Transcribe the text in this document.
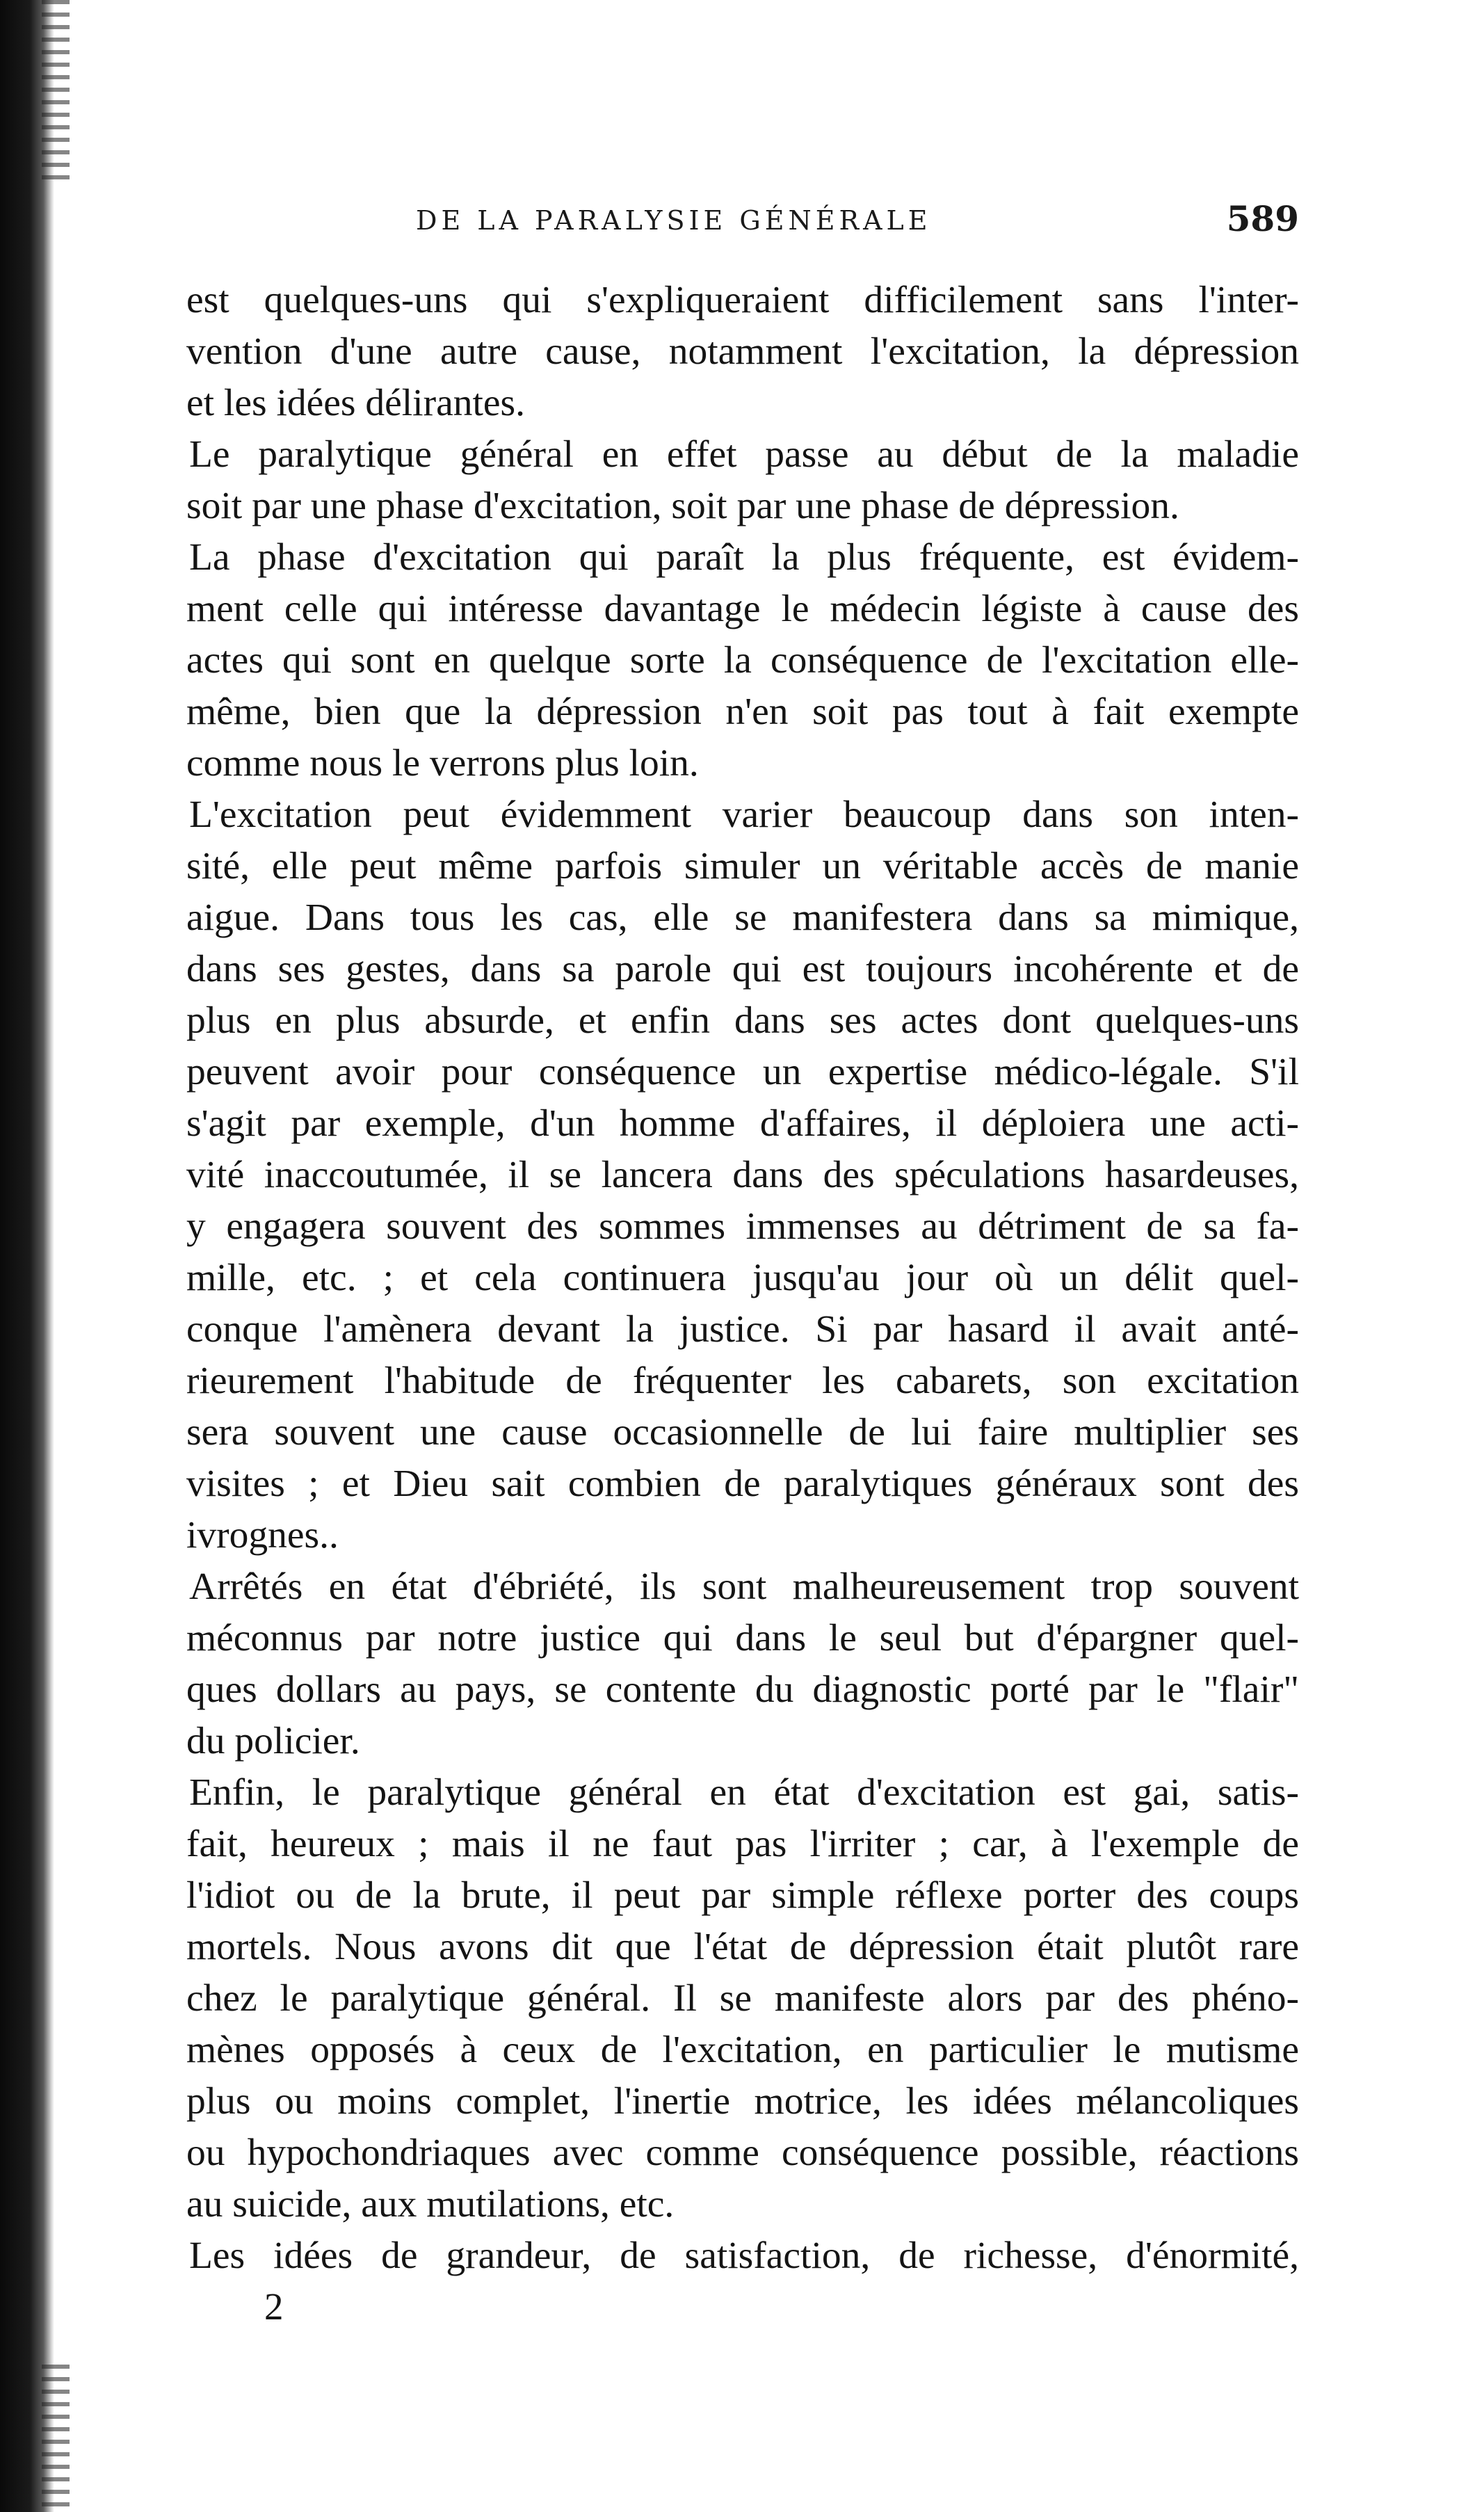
DE LA PARALYSIE GÉNÉRALE	589

est quelques-uns qui s'expliqueraient difficilement sans l'inter-
vention d'une autre cause, notamment l'excitation, la dépression
et les idées délirantes.

Le paralytique général en effet passe au début de la maladie
soit par une phase d'excitation, soit par une phase de dépression.

La phase d'excitation qui paraît la plus fréquente, est évidem-
ment celle qui intéresse davantage le médecin légiste à cause des
actes qui sont en quelque sorte la conséquence de l'excitation elle-
même, bien que la dépression n'en soit pas tout à fait exempte
comme nous le verrons plus loin.

L'excitation peut évidemment varier beaucoup dans son inten-
sité, elle peut même parfois simuler un véritable accès de manie
aigue. Dans tous les cas, elle se manifestera dans sa mimique,
dans ses gestes, dans sa parole qui est toujours incohérente et de
plus en plus absurde, et enfin dans ses actes dont quelques-uns
peuvent avoir pour conséquence un expertise médico-légale. S'il
s'agit par exemple, d'un homme d'affaires, il déploiera une acti-
vité inaccoutumée, il se lancera dans des spéculations hasardeuses,
y engagera souvent des sommes immenses au détriment de sa fa-
mille, etc. ; et cela continuera jusqu'au jour où un délit quel-
conque l'amènera devant la justice. Si par hasard il avait anté-
rieurement l'habitude de fréquenter les cabarets, son excitation
sera souvent une cause occasionnelle de lui faire multiplier ses
visites ; et Dieu sait combien de paralytiques généraux sont des
ivrognes..

Arrêtés en état d'ébriété, ils sont malheureusement trop souvent
méconnus par notre justice qui dans le seul but d'épargner quel-
ques dollars au pays, se contente du diagnostic porté par le "flair"
du policier.

Enfin, le paralytique général en état d'excitation est gai, satis-
fait, heureux ; mais il ne faut pas l'irriter ; car, à l'exemple de
l'idiot ou de la brute, il peut par simple réflexe porter des coups
mortels. Nous avons dit que l'état de dépression était plutôt rare
chez le paralytique général. Il se manifeste alors par des phéno-
mènes opposés à ceux de l'excitation, en particulier le mutisme
plus ou moins complet, l'inertie motrice, les idées mélancoliques
ou hypochondriaques avec comme conséquence possible, réactions
au suicide, aux mutilations, etc.

Les idées de grandeur, de satisfaction, de richesse, d'énormité,

2
